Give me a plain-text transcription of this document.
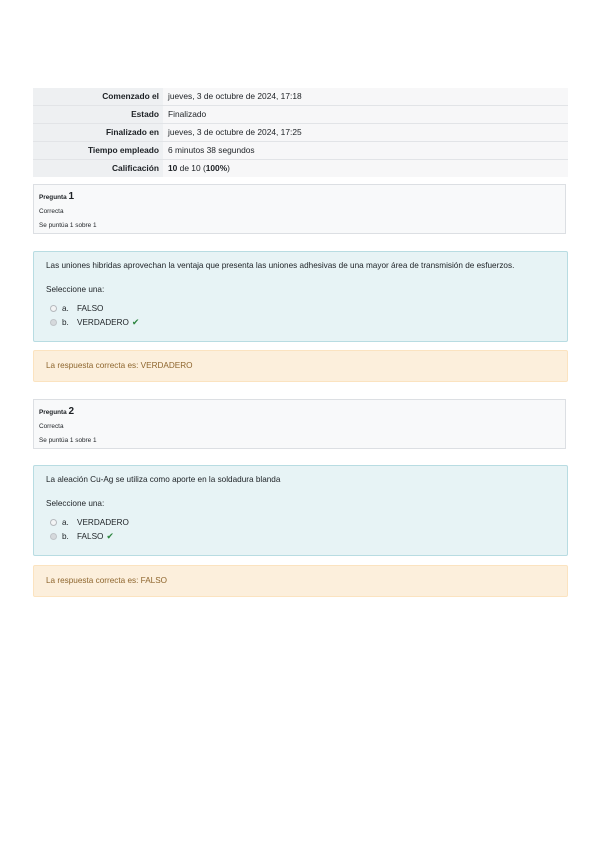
Comenzado el	jueves, 3 de octubre de 2024, 17:18
Estado	Finalizado
Finalizado en	jueves, 3 de octubre de 2024, 17:25
Tiempo empleado	6 minutos 38 segundos
Calificación	10 de 10 (100%)
Pregunta 1
Correcta
Se puntúa 1 sobre 1
Las uniones hibridas aprovechan la ventaja que presenta las uniones adhesivas de una mayor área de transmisión de esfuerzos.
Seleccione una:
a. FALSO
b. VERDADERO ✔
La respuesta correcta es: VERDADERO
Pregunta 2
Correcta
Se puntúa 1 sobre 1
La aleación Cu-Ag se utiliza como aporte en la soldadura blanda
Seleccione una:
a. VERDADERO
b. FALSO ✔
La respuesta correcta es: FALSO
